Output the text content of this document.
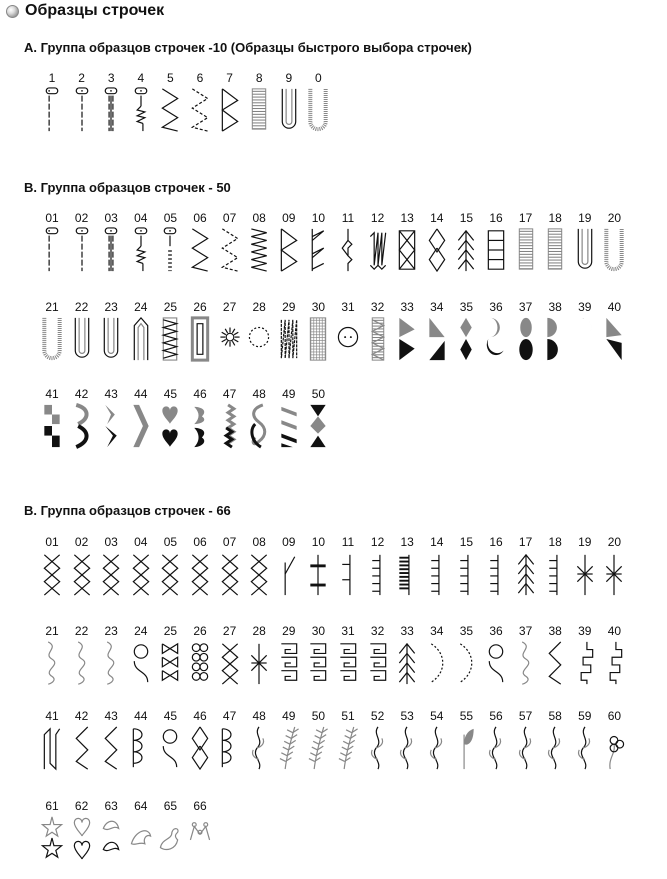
Образцы строчек
А. Группа образцов строчек -10 (Образцы быстрого выбора строчек)
B. Группа образцов строчек - 50
В. Группа образцов строчек - 66
1	2	3	4	5	6	7	8	9	0
01	02	03	04	05	06	07	08	09	10	11	12	13	14	15	16	17	18	19	20
21	22	23	24	25	26	27	28	29	30	31	32	33	34	35	36	37	38	39	40
41	42	43	44	45	46	47	48	49	50
01	02	03	04	05	06	07	08	09	10	11	12	13	14	15	16	17	18	19	20
21	22	23	24	25	26	27	28	29	30	31	32	33	34	35	36	37	38	39	40
41	42	43	44	45	46	47	48	49	50	51	52	53	54	55	56	57	58	59	60
61	62	63	64	65	66
